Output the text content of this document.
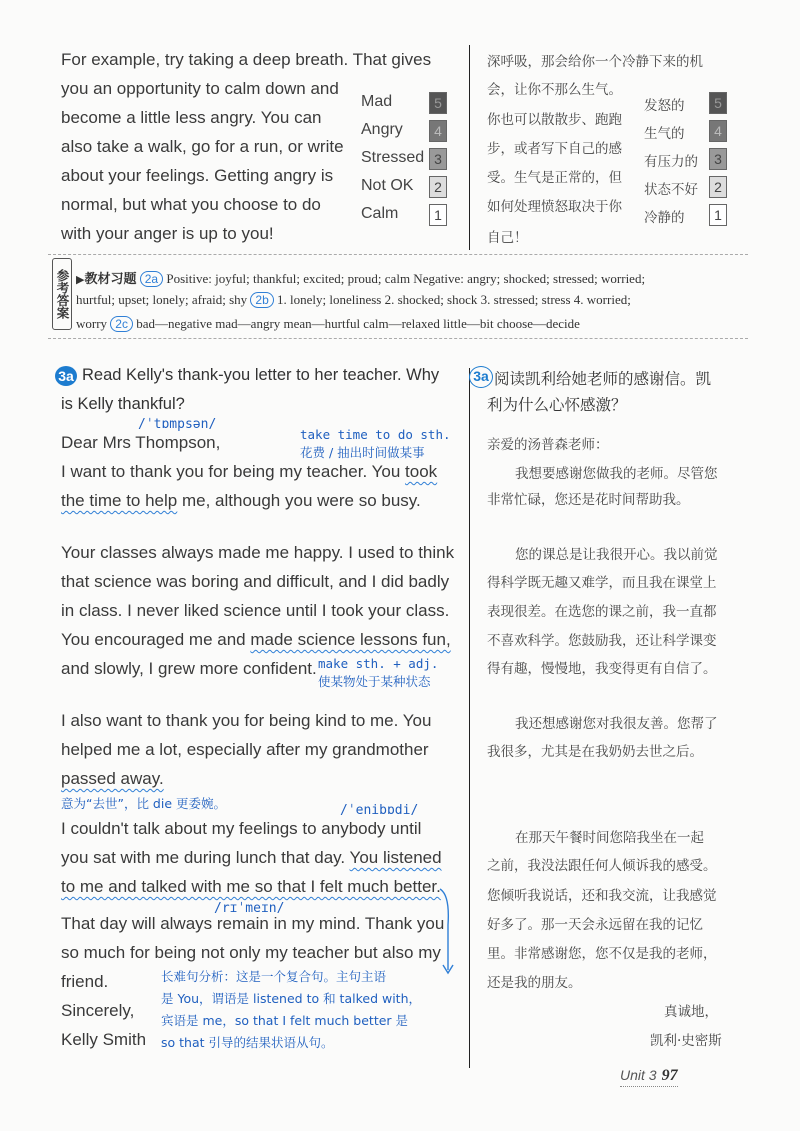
For example, try taking a deep breath. That gives
you an opportunity to calm down and
become a little less angry. You can
also take a walk, go for a run, or write
about your feelings. Getting angry is
normal, but what you choose to do
with your anger is up to you!
Mad	5
Angry	4
Stressed 3
Not OK	2
Calm	1
深呼吸，那会给你一个冷静下来的机
会，让你不那么生气。
你也可以散散步、跑跑
步，或者写下自己的感
受。生气是正常的，但
如何处理愤怒取决于你
自己！
发怒的	5
生气的	4
有压力的	3
状态不好	2
冷静的	1
参考答案 ▶教材习题 2a Positive: joyful; thankful; excited; proud; calm Negative: angry; shocked; stressed; worried;
hurtful; upset; lonely; afraid; shy 2b 1. lonely; loneliness 2. shocked; shock 3. stressed; stress 4. worried;
worry 2c bad—negative mad—angry mean—hurtful calm—relaxed little—bit choose—decide
3a Read Kelly's thank-you letter to her teacher. Why
is Kelly thankful?
3a 阅读凯利给她老师的感谢信。凯
利为什么心怀感激？
/ˈtɒmpsən/
take time to do sth.
花费 / 抽出时间做某事
Dear Mrs Thompson,
I want to thank you for being my teacher. You took
the time to help me, although you were so busy.
Your classes always made me happy. I used to think
that science was boring and difficult, and I did badly
in class. I never liked science until I took your class.
You encouraged me and made science lessons fun,
and slowly, I grew more confident.
I also want to thank you for being kind to me. You
helped me a lot, especially after my grandmother
passed away.
I couldn't talk about my feelings to anybody until
you sat with me during lunch that day. You listened
to me and talked with me so that I felt much better.
That day will always remain in my mind. Thank you
so much for being not only my teacher but also my
friend.
Sincerely,
Kelly Smith
make sth. + adj.
使某物处于某种状态
意为“去世”，比 die 更委婉。	/ˈenibɒdi/
/rɪˈmeɪn/
长难句分析：这是一个复合句。主句主语
是 You，谓语是 listened to 和 talked with，
宾语是 me，so that I felt much better 是
so that 引导的结果状语从句。
亲爱的汤普森老师：
我想要感谢您做我的老师。尽管您
非常忙碌，您还是花时间帮助我。
您的课总是让我很开心。我以前觉
得科学既无趣又难学，而且我在课堂上
表现很差。在选您的课之前，我一直都
不喜欢科学。您鼓励我，还让科学课变
得有趣，慢慢地，我变得更有自信了。
我还想感谢您对我很友善。您帮了
我很多，尤其是在我奶奶去世之后。
在那天午餐时间您陪我坐在一起
之前，我没法跟任何人倾诉我的感受。
您倾听我说话，还和我交流，让我感觉
好多了。那一天会永远留在我的记忆
里。非常感谢您，您不仅是我的老师，
还是我的朋友。
真诚地，
凯利·史密斯
Unit 3 97
